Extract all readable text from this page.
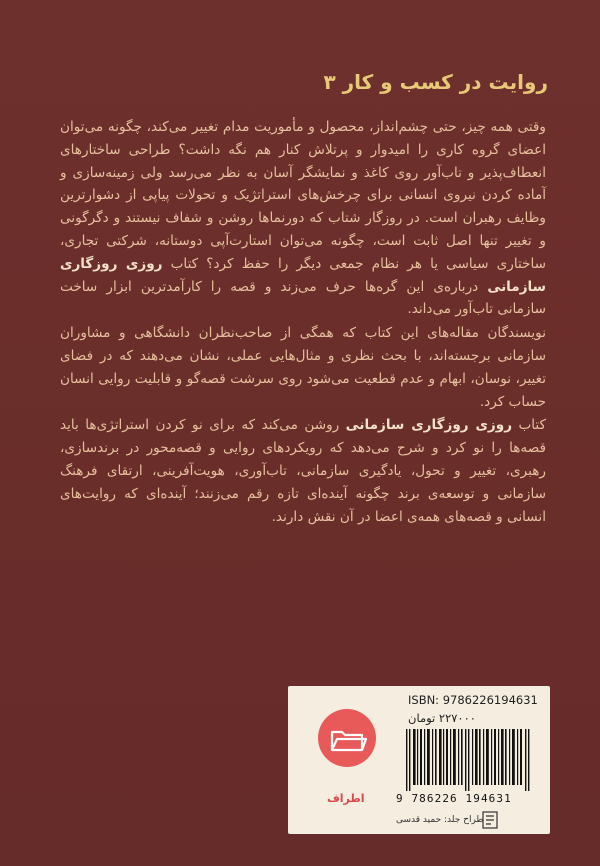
روایت در کسب و کار ۳

وقتی همه چیز، حتی چشم‌انداز، محصول و مأموریت مدام تغییر می‌کند، چگونه می‌توان اعضای گروه کاری را امیدوار و پرتلاش کنار هم نگه داشت؟ طراحی ساختارهای انعطاف‌پذیر و تاب‌آور روی کاغذ و نمایشگر آسان به نظر می‌رسد ولی زمینه‌سازی و آماده کردن نیروی انسانی برای چرخش‌های استراتژیک و تحولات پیاپی از دشوارترین وظایف رهبران است. در روزگار شتاب که دورنماها روشن و شفاف نیستند و دگرگونی و تغییر تنها اصل ثابت است، چگونه می‌توان استارت‌آپی دوستانه، شرکتی تجاری، ساختاری سیاسی یا هر نظام جمعی دیگر را حفظ کرد؟ کتاب روزی روزگاری سازمانی درباره‌ی این گره‌ها حرف می‌زند و قصه را کارآمدترین ابزار ساخت سازمانی تاب‌آور می‌داند.

نویسندگان مقاله‌های این کتاب که همگی از صاحب‌نظران دانشگاهی و مشاوران سازمانی برجسته‌اند، با بحث نظری و مثال‌هایی عملی، نشان می‌دهند که در فضای تغییر، نوسان، ابهام و عدم قطعیت می‌شود روی سرشت قصه‌گو و قابلیت روایی انسان حساب کرد.

کتاب روزی روزگاری سازمانی روشن می‌کند که برای نو کردن استراتژی‌ها باید قصه‌ها را نو کرد و شرح می‌دهد که رویکردهای روایی و قصه‌محور در برندسازی، رهبری، تغییر و تحول، یادگیری سازمانی، تاب‌آوری، هویت‌آفرینی، ارتقای فرهنگ سازمانی و توسعه‌ی برند چگونه آینده‌ای تازه رقم می‌زنند؛ آینده‌ای که روایت‌های انسانی و قصه‌های همه‌ی اعضا در آن نقش دارند.

اطراف
ISBN: 9786226194631
۲۲۷۰۰۰ تومان
9 786226 194631
طراح جلد: حمید قدسی
